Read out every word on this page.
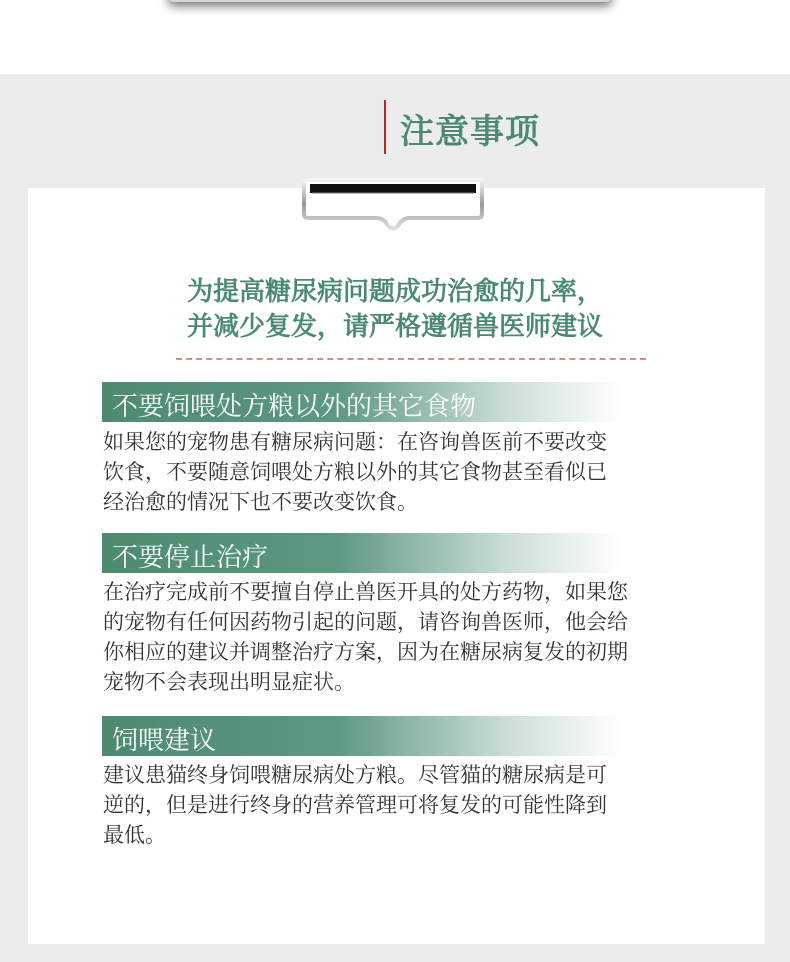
注意事项
为提高糖尿病问题成功治愈的几率，
并减少复发，请严格遵循兽医师建议
不要饲喂处方粮以外的其它食物
如果您的宠物患有糖尿病问题：在咨询兽医前不要改变
饮食，不要随意饲喂处方粮以外的其它食物甚至看似已
经治愈的情况下也不要改变饮食。
不要停止治疗
在治疗完成前不要擅自停止兽医开具的处方药物，如果您
的宠物有任何因药物引起的问题，请咨询兽医师，他会给
你相应的建议并调整治疗方案，因为在糖尿病复发的初期
宠物不会表现出明显症状。
饲喂建议
建议患猫终身饲喂糖尿病处方粮。尽管猫的糖尿病是可
逆的，但是进行终身的营养管理可将复发的可能性降到
最低。
